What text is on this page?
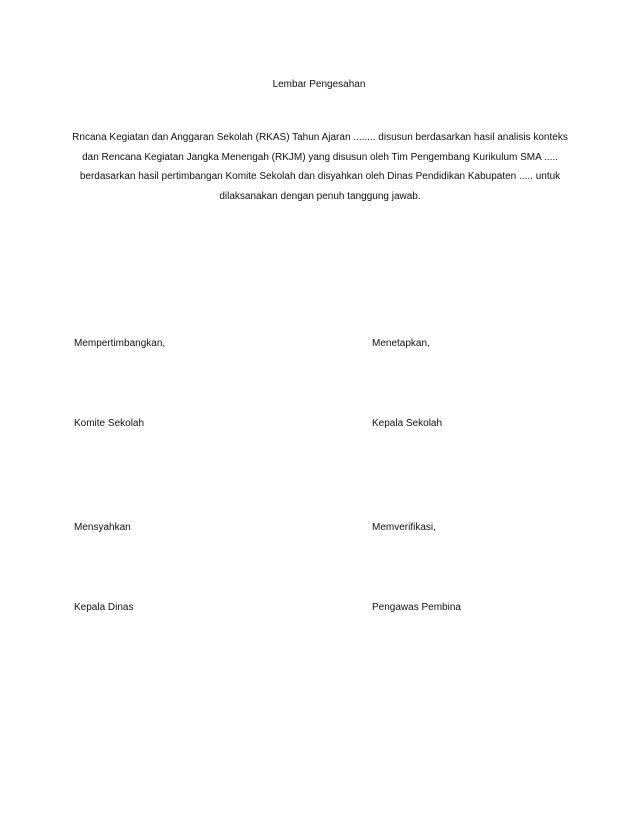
Lembar Pengesahan
Rncana Kegiatan dan Anggaran Sekolah (RKAS) Tahun Ajaran ........ disusun berdasarkan hasil analisis konteks dan Rencana Kegiatan Jangka Menengah (RKJM) yang disusun oleh Tim Pengembang Kurikulum SMA ..... berdasarkan hasil pertimbangan Komite Sekolah dan disyahkan oleh Dinas Pendidikan Kabupaten ..... untuk dilaksanakan dengan penuh tanggung jawab.
Mempertimbangkan,	Menetapkan,
Komite Sekolah	Kepala Sekolah
Mensyahkan	Memverifikasi,
Kepala Dinas	Pengawas Pembina
